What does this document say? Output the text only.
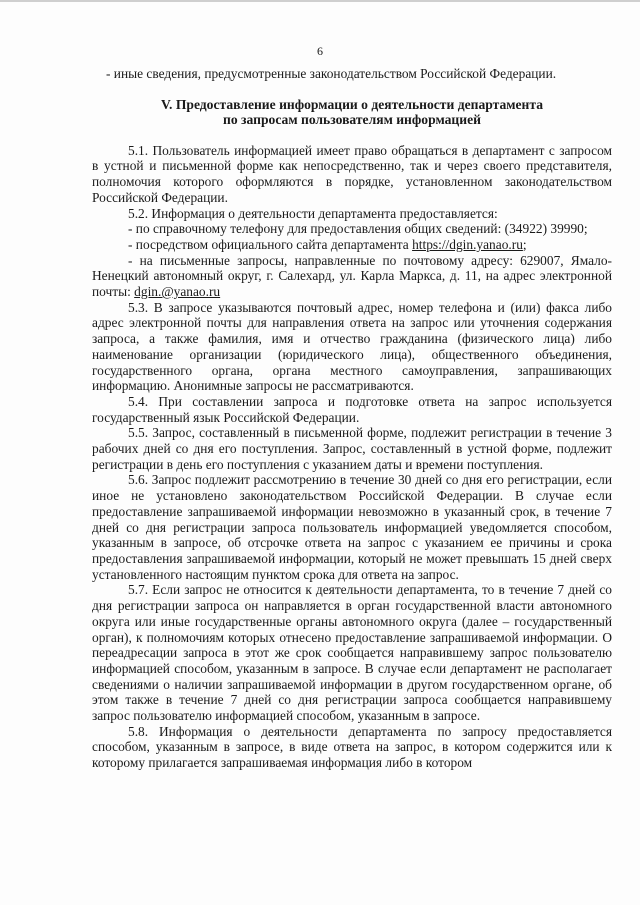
6

- иные сведения, предусмотренные законодательством Российской Федерации.

V. Предоставление информации о деятельности департамента
по запросам пользователям информацией

5.1. Пользователь информацией имеет право обращаться в департамент с запросом в устной и письменной форме как непосредственно, так и через своего представителя, полномочия которого оформляются в порядке, установленном законодательством Российской Федерации.

5.2. Информация о деятельности департамента предоставляется:

- по справочному телефону для предоставления общих сведений: (34922) 39990;

- посредством официального сайта департамента https://dgin.yanao.ru;

- на письменные запросы, направленные по почтовому адресу: 629007, Ямало-Ненецкий автономный округ, г. Салехард, ул. Карла Маркса, д. 11, на адрес электронной почты: dgin.@yanao.ru

5.3. В запросе указываются почтовый адрес, номер телефона и (или) факса либо адрес электронной почты для направления ответа на запрос или уточнения содержания запроса, а также фамилия, имя и отчество гражданина (физического лица) либо наименование организации (юридического лица), общественного объединения, государственного органа, органа местного самоуправления, запрашивающих информацию. Анонимные запросы не рассматриваются.

5.4. При составлении запроса и подготовке ответа на запрос используется государственный язык Российской Федерации.

5.5. Запрос, составленный в письменной форме, подлежит регистрации в течение 3 рабочих дней со дня его поступления. Запрос, составленный в устной форме, подлежит регистрации в день его поступления с указанием даты и времени поступления.

5.6. Запрос подлежит рассмотрению в течение 30 дней со дня его регистрации, если иное не установлено законодательством Российской Федерации. В случае если предоставление запрашиваемой информации невозможно в указанный срок, в течение 7 дней со дня регистрации запроса пользователь информацией уведомляется способом, указанным в запросе, об отсрочке ответа на запрос с указанием ее причины и срока предоставления запрашиваемой информации, который не может превышать 15 дней сверх установленного настоящим пунктом срока для ответа на запрос.

5.7. Если запрос не относится к деятельности департамента, то в течение 7 дней со дня регистрации запроса он направляется в орган государственной власти автономного округа или иные государственные органы автономного округа (далее – государственный орган), к полномочиям которых отнесено предоставление запрашиваемой информации. О переадресации запроса в этот же срок сообщается направившему запрос пользователю информацией способом, указанным в запросе. В случае если департамент не располагает сведениями о наличии запрашиваемой информации в другом государственном органе, об этом также в течение 7 дней со дня регистрации запроса сообщается направившему запрос пользователю информацией способом, указанным в запросе.

5.8. Информация о деятельности департамента по запросу предоставляется способом, указанным в запросе, в виде ответа на запрос, в котором содержится или к которому прилагается запрашиваемая информация либо в котором
